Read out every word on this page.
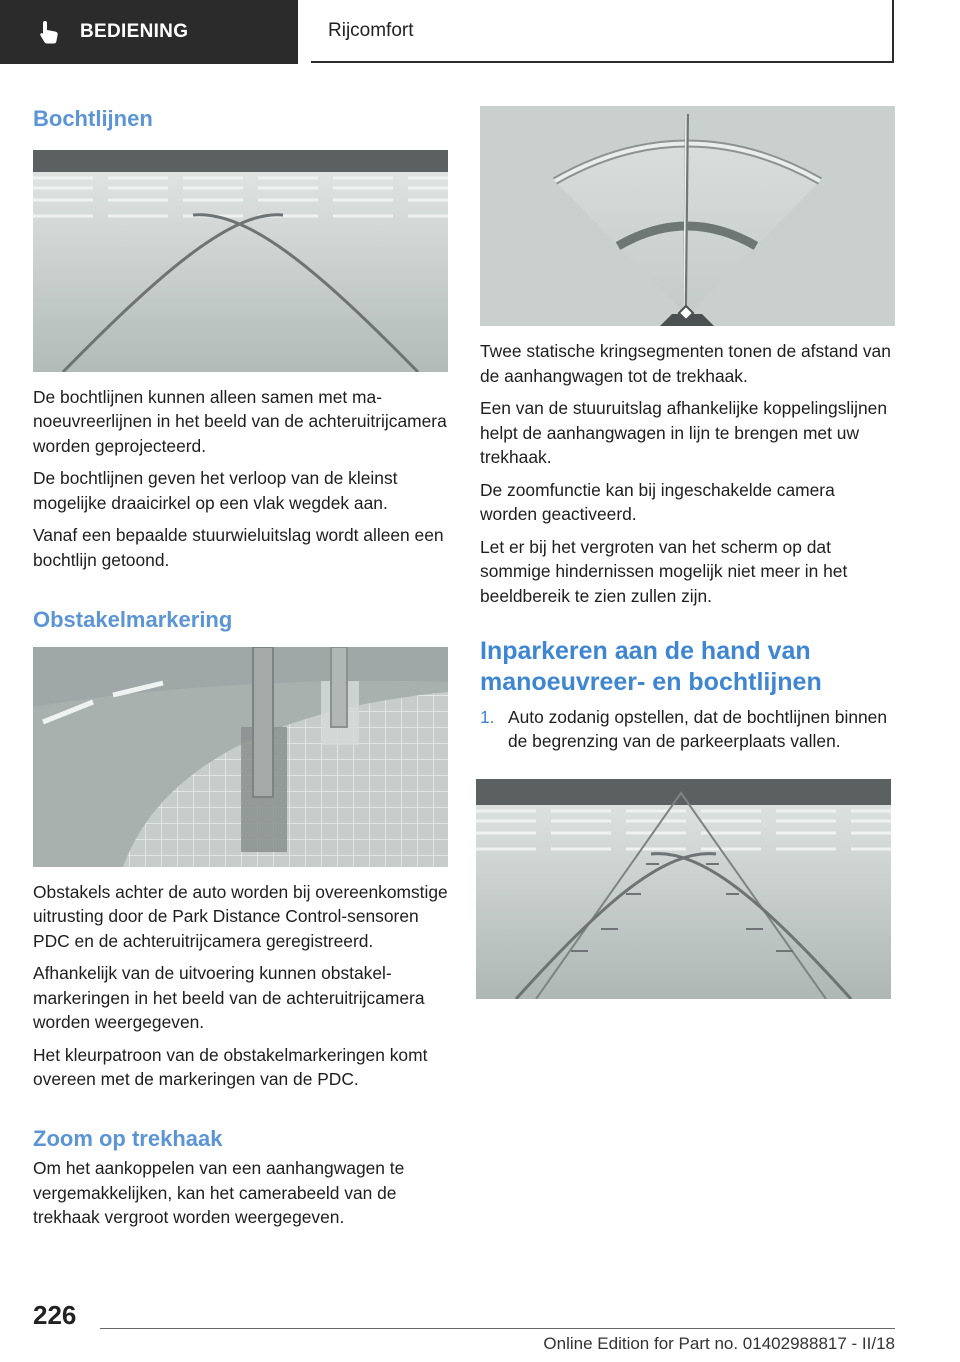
BEDIENING	Rijcomfort
Bochtlijnen

De bochtlijnen kunnen alleen samen met manoeuvreerlijnen in het beeld van de achteruitrijcamera worden geprojecteerd.

De bochtlijnen geven het verloop van de kleinst mogelijke draaicirkel op een vlak wegdek aan.

Vanaf een bepaalde stuurwieluitslag wordt alleen een bochtlijn getoond.

Obstakelmarkering

Obstakels achter de auto worden bij overeenkomstige uitrusting door de Park Distance Control-sensoren PDC en de achteruitrijcamera geregistreerd.

Afhankelijk van de uitvoering kunnen obstakelmarkeringen in het beeld van de achteruitrijcamera worden weergegeven.

Het kleurpatroon van de obstakelmarkeringen komt overeen met de markeringen van de PDC.

Zoom op trekhaak

Om het aankoppelen van een aanhangwagen te vergemakkelijken, kan het camerabeeld van de trekhaak vergroot worden weergegeven.

Twee statische kringsegmenten tonen de afstand van de aanhangwagen tot de trekhaak.

Een van de stuuruitslag afhankelijke koppelingslijnen helpt de aanhangwagen in lijn te brengen met uw trekhaak.

De zoomfunctie kan bij ingeschakelde camera worden geactiveerd.

Let er bij het vergroten van het scherm op dat sommige hindernissen mogelijk niet meer in het beeldbereik te zien zullen zijn.

Inparkeren aan de hand van manoeuvreer- en bochtlijnen
1. Auto zodanig opstellen, dat de bochtlijnen binnen de begrenzing van de parkeerplaats vallen.

226
Online Edition for Part no. 01402988817 - II/18
